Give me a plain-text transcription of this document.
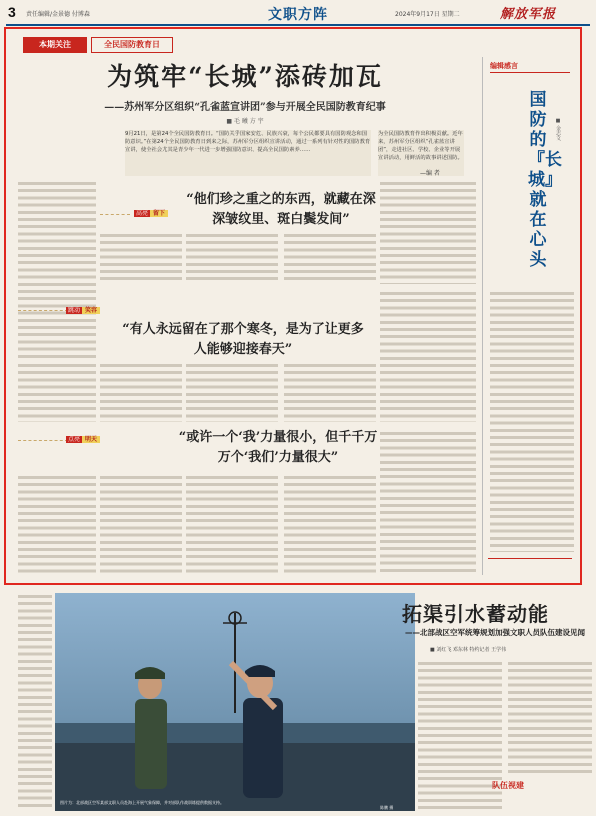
3 责任编辑/金景德 付博森	文职方阵	2024年9月17日 星期二	解放军报
本期关注	全民国防教育日
为筑牢“长城”添砖加瓦
——苏州军分区组织“孔雀蓝宣讲团”参与开展全民国防教育纪事
■ 毛 曦 方 宇
9月21日，是第24个全民国防教育日。“国防关乎国家安危、民族兴衰，每个公民都要具有国防观念和国防意识。”在第24个全民国防教育日到来之际，苏州军分区组织宣讲活动，通过一系列有针对性的国防教育宣讲，使全社会尤其是青少年一代进一步增强国防意识、提高全民国防素养……
为全民国防教育作出积极贡献。近年来，苏州军分区组织“孔雀蓝宣讲团”，走进社区、学校、企业等开展宣讲活动，用鲜活的故事讲述国防。
—编 者
高亮 留下
“他们珍之重之的东西，就藏在深深皱纹里、斑白鬓发间”
跳动 笑容
“有人永远留在了那个寒冬，是为了让更多人能够迎接春天”
点亮 明天	“或许一个‘我’力量很小，但千千万万个‘我们’力量很大”
编辑感言
国防的『长城』就在心头
■ 金志文
图片为：北部战区空军某部文职人员赴海上开展气象保障，并对部队作战训练提供数据支持。
陈鹏 摄
拓渠引水蓄动能
——北部战区空军统筹规划加强文职人员队伍建设见闻
■ 刘红飞 邓东林 特约记者 王学伟
队伍视建
